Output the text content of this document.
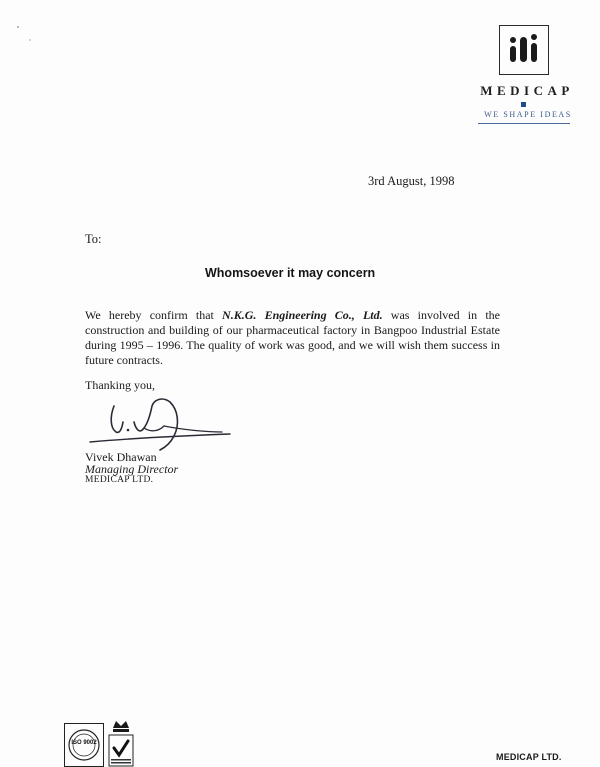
MEDICAP
WE SHAPE IDEAS
3rd August, 1998
To:
Whomsoever it may concern
We hereby confirm that N.K.G. Engineering Co., Ltd. was involved in the construction and building of our pharmaceutical factory in Bangpoo Industrial Estate during 1995 – 1996. The quality of work was good, and we will wish them success in future contracts.
Thanking you,
Vivek Dhawan
Managing Director
MEDICAP LTD.
ISO 9002
MEDICAP LTD.
